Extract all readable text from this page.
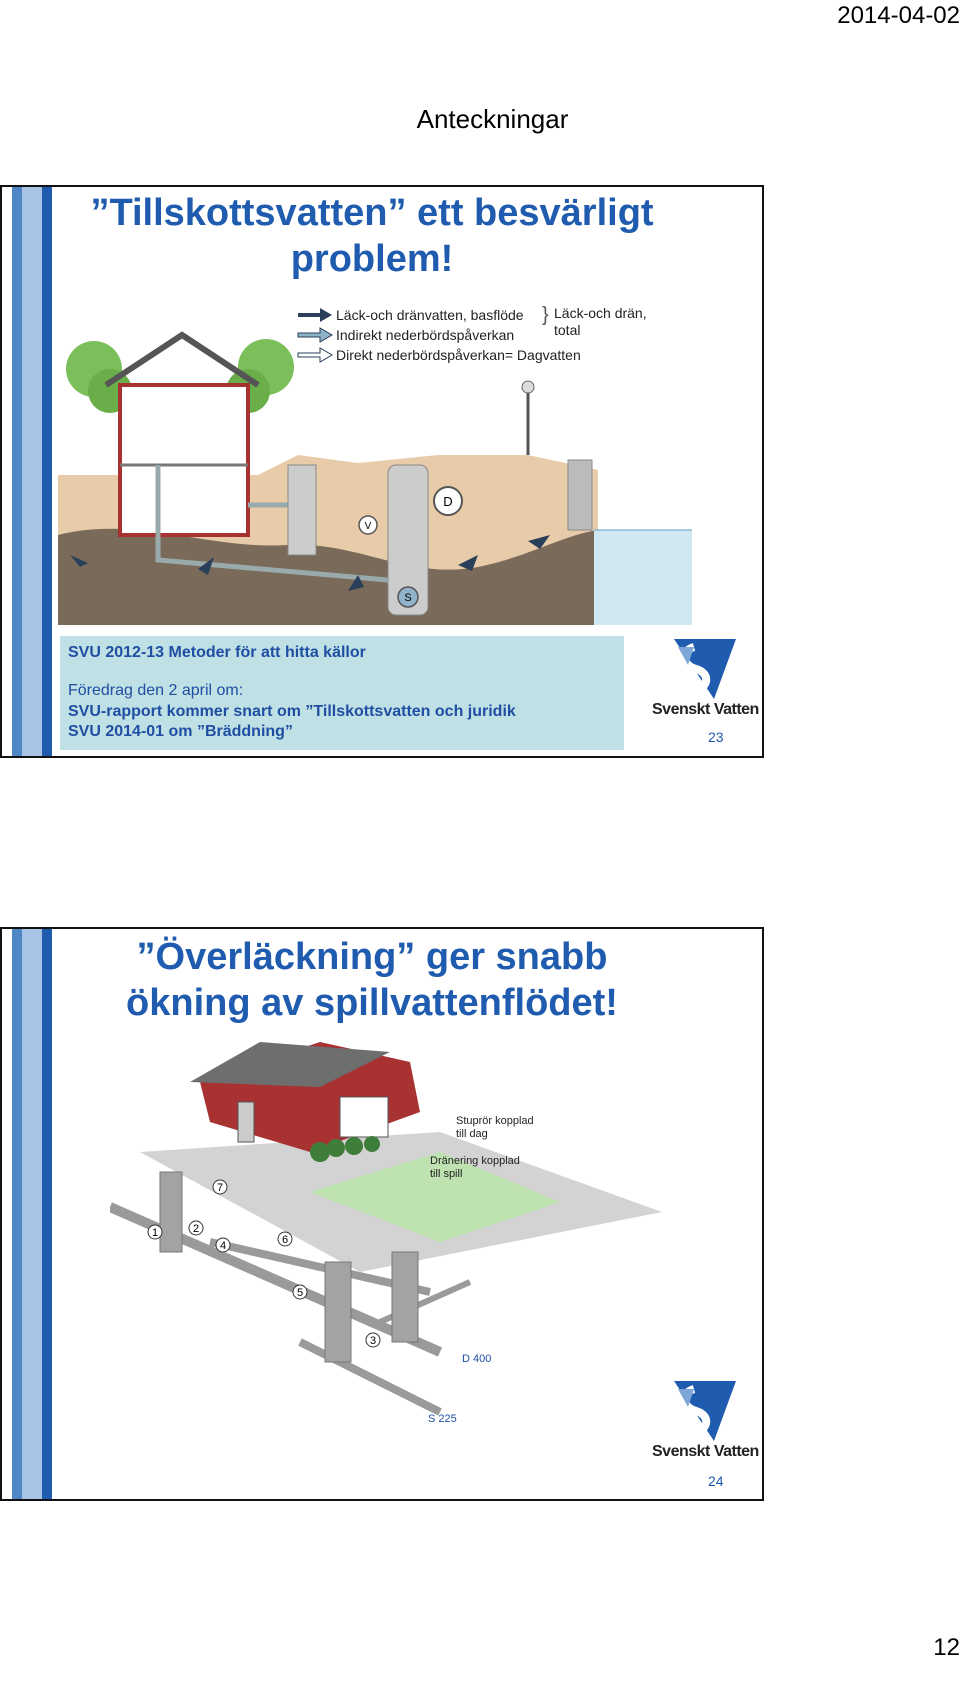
2014-04-02
Anteckningar
”Tillskottsvatten” ett besvärligt
problem!
D
V
S
Läck-och dränvatten, basflöde
Indirekt nederbördspåverkan
Direkt nederbördspåverkan= Dagvatten
} Läck-och drän,
total
SVU 2012-13 Metoder för att hitta källor
Föredrag den 2 april om:
SVU-rapport kommer snart om ”Tillskottsvatten och juridik
SVU 2014-01 om ”Bräddning”
Svenskt Vatten
23
”Överläckning” ger snabb
ökning av spillvattenflödet!
1	2
3
4
5
6
7
Stuprör kopplad
till dag
Dränering kopplad
till spill
D 400
S 225
Svenskt Vatten
24
12
